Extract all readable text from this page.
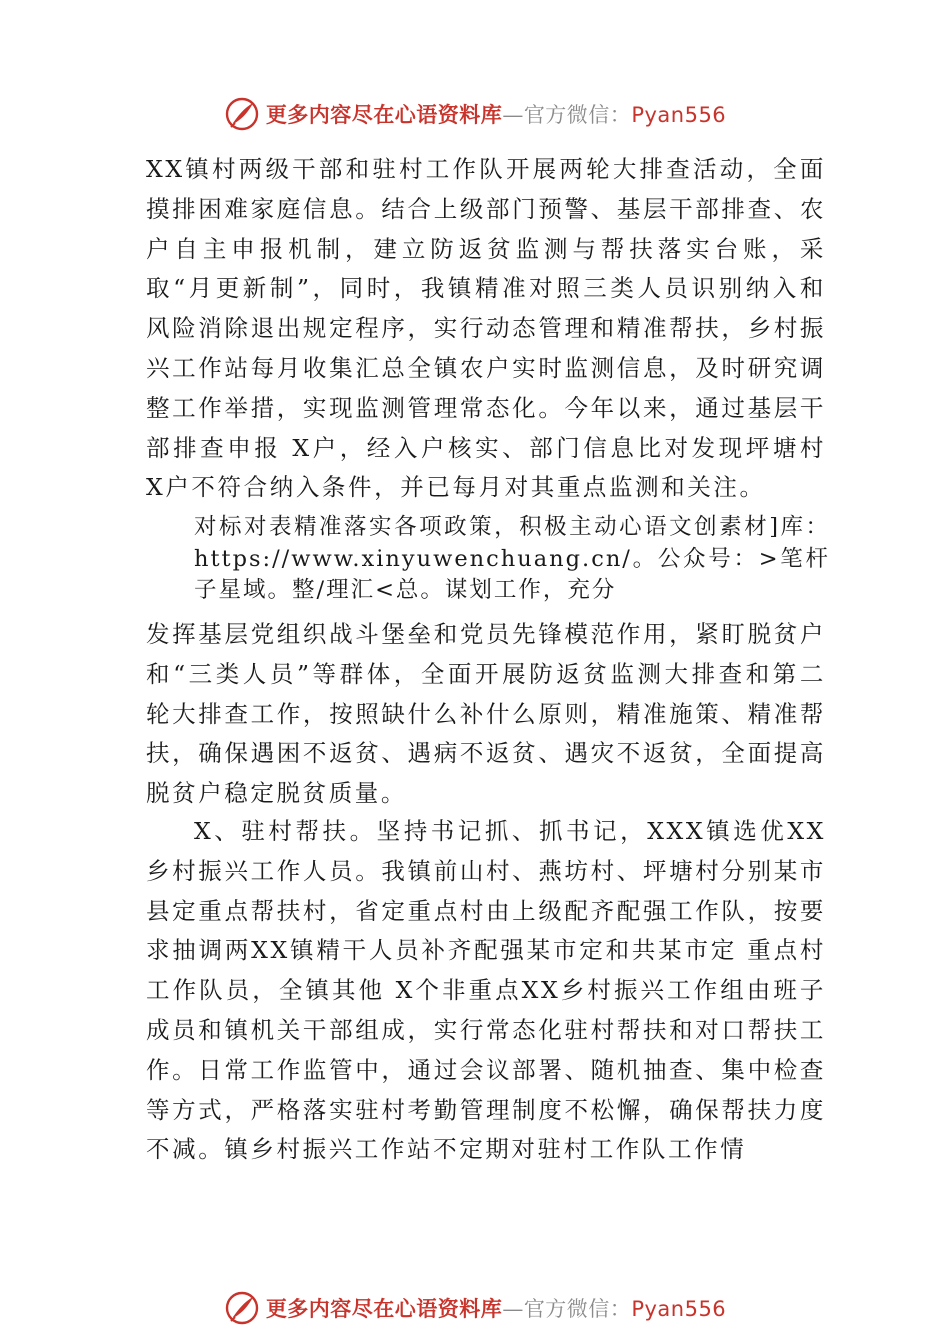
更多内容尽在心语资料库—官方微信：Pyan556

XX镇村两级干部和驻村工作队开展两轮大排查活动，全面摸排困难家庭信息。结合上级部门预警、基层干部排查、农户自主申报机制，建立防返贫监测与帮扶落实台账，采取“月更新制”，同时，我镇精准对照三类人员识别纳入和风险消除退出规定程序，实行动态管理和精准帮扶，乡村振兴工作站每月收集汇总全镇农户实时监测信息，及时研究调整工作举措，实现监测管理常态化。今年以来，通过基层干部排查申报 X户，经入户核实、部门信息比对发现坪塘村 X户不符合纳入条件，并已每月对其重点监测和关注。

对标对表精准落实各项政策，积极主动心语文创素材]库：https://www.xinyuwenchuang.cn/。公众号：>笔杆子星域。整/理汇<总。谋划工作，充分

发挥基层党组织战斗堡垒和党员先锋模范作用，紧盯脱贫户和“三类人员”等群体，全面开展防返贫监测大排查和第二轮大排查工作，按照缺什么补什么原则，精准施策、精准帮扶，确保遇困不返贫、遇病不返贫、遇灾不返贫，全面提高脱贫户稳定脱贫质量。

X、驻村帮扶。坚持书记抓、抓书记，XXX镇选优XX乡村振兴工作人员。我镇前山村、燕坊村、坪塘村分别某市县定重点帮扶村，省定重点村由上级配齐配强工作队，按要求抽调两XX镇精干人员补齐配强某市定和共某市定 重点村工作队员，全镇其他 X个非重点XX乡村振兴工作组由班子成员和镇机关干部组成，实行常态化驻村帮扶和对口帮扶工作。日常工作监管中，通过会议部署、随机抽查、集中检查等方式，严格落实驻村考勤管理制度不松懈，确保帮扶力度不减。镇乡村振兴工作站不定期对驻村工作队工作情

更多内容尽在心语资料库—官方微信：Pyan556
